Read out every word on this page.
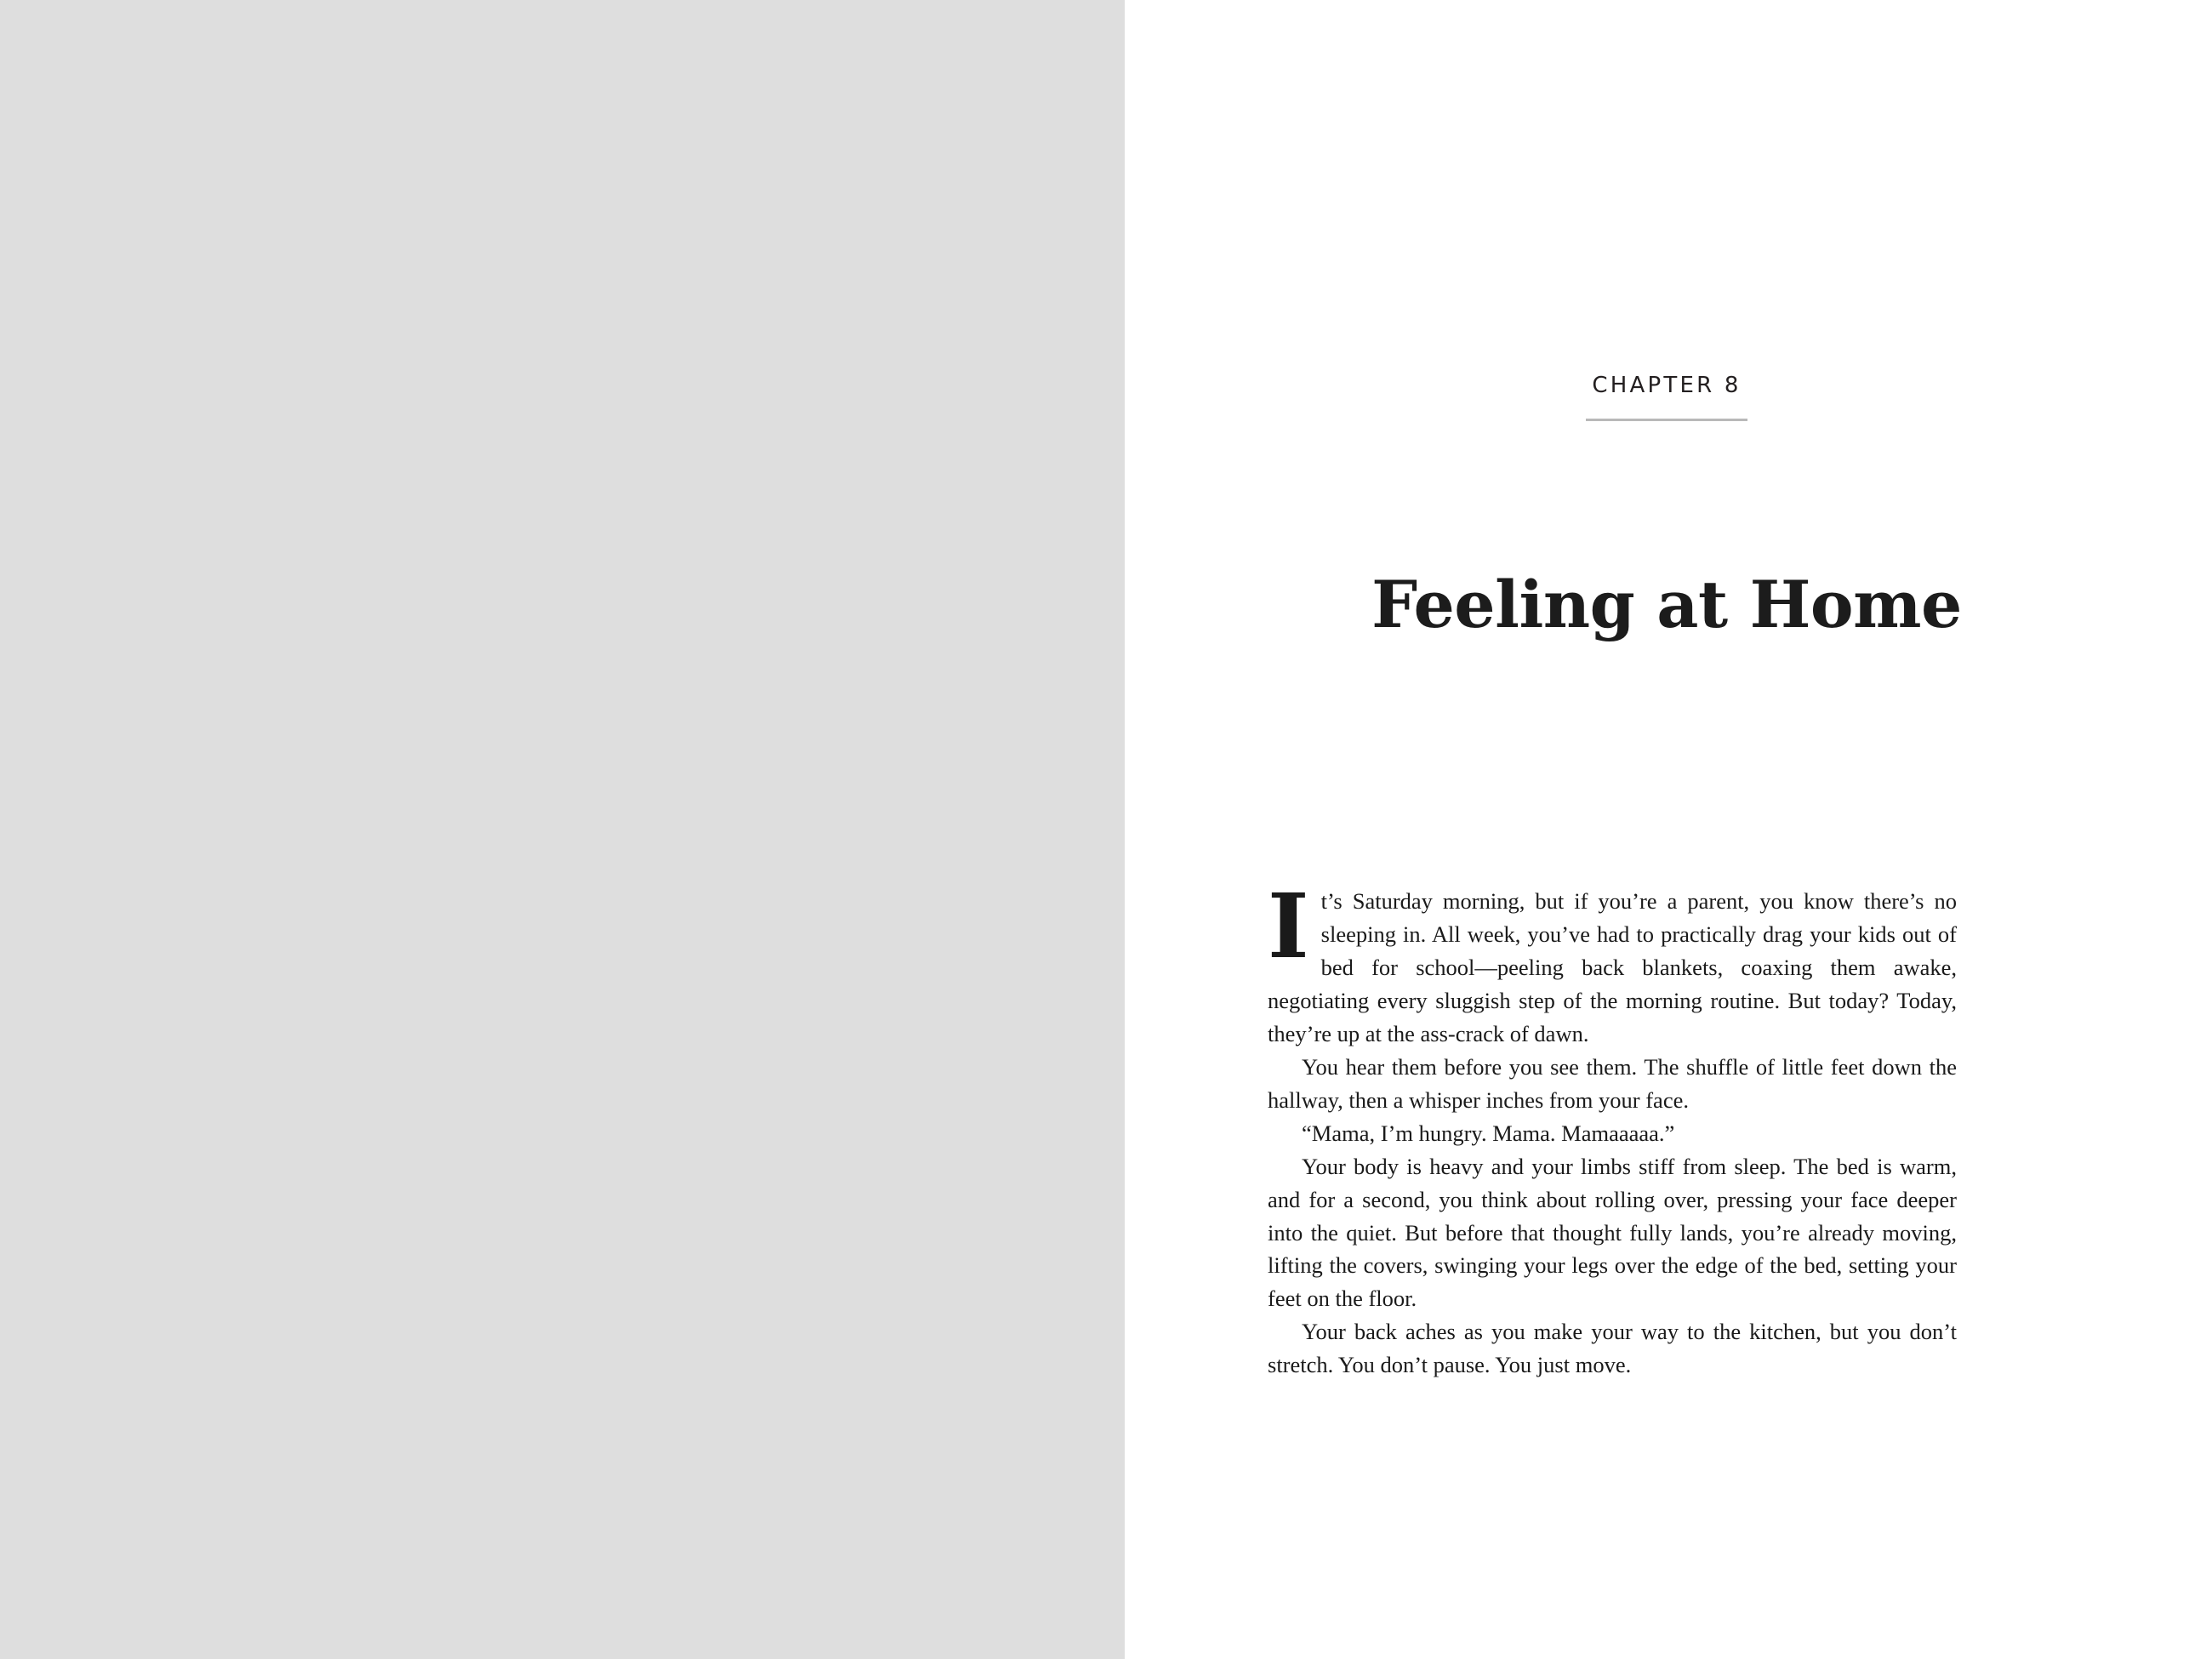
CHAPTER 8
Feeling at Home

It’s Saturday morning, but if you’re a parent, you know there’s no sleeping in. All week, you’ve had to practically drag your kids out of bed for school—peeling back blankets, coaxing them awake, negotiating every sluggish step of the morning routine. But today? Today, they’re up at the ass-crack of dawn.

You hear them before you see them. The shuffle of little feet down the hallway, then a whisper inches from your face.

“Mama, I’m hungry. Mama. Mamaaaaa.”

Your body is heavy and your limbs stiff from sleep. The bed is warm, and for a second, you think about rolling over, pressing your face deeper into the quiet. But before that thought fully lands, you’re already moving, lifting the covers, swinging your legs over the edge of the bed, setting your feet on the floor.

Your back aches as you make your way to the kitchen, but you don’t stretch. You don’t pause. You just move.
